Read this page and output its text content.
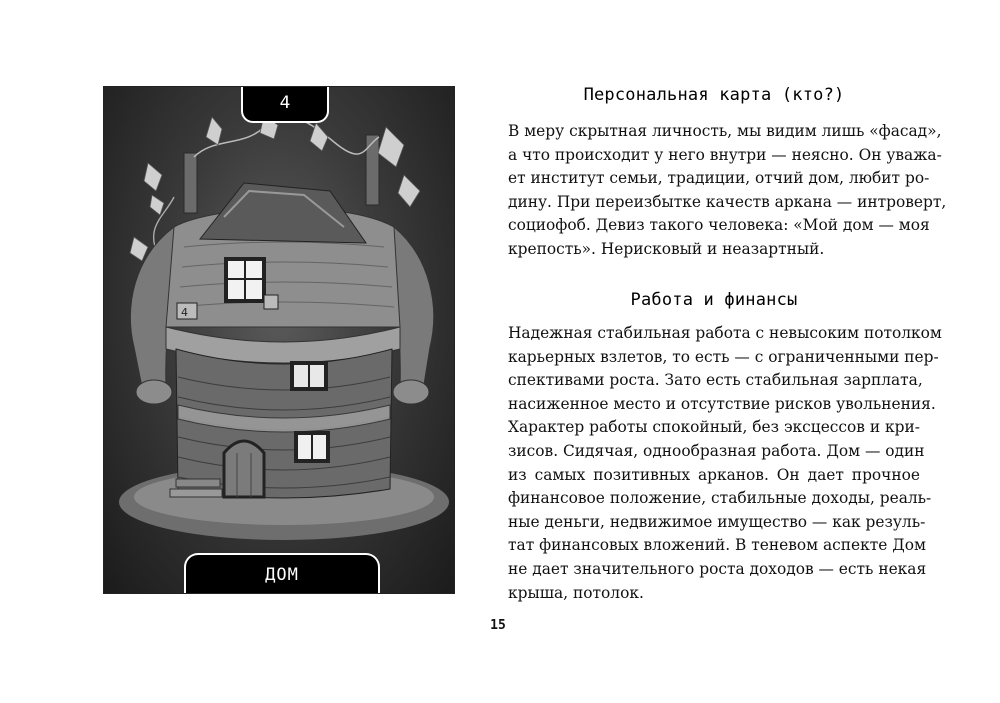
4
4
ДОМ
Персональная карта (кто?)

В меру скрытная личность, мы видим лишь «фасад»,
а что происходит у него внутри — неясно. Он уважа-
ет институт семьи, традиции, отчий дом, любит ро-
дину. При переизбытке качеств аркана — интроверт,
социофоб. Девиз такого человека: «Мой дом — моя
крепость». Нерисковый и неазартный.

Работа и финансы

Надежная стабильная работа с невысоким потолком
карьерных взлетов, то есть — с ограниченными пер-
спективами роста. Зато есть стабильная зарплата,
насиженное место и отсутствие рисков увольнения.
Характер работы спокойный, без эксцессов и кри-
зисов. Сидячая, однообразная работа. Дом — один
из самых позитивных арканов. Он дает прочное
финансовое положение, стабильные доходы, реаль-
ные деньги, недвижимое имущество — как резуль-
тат финансовых вложений. В теневом аспекте Дом
не дает значительного роста доходов — есть некая
крыша, потолок.

15
